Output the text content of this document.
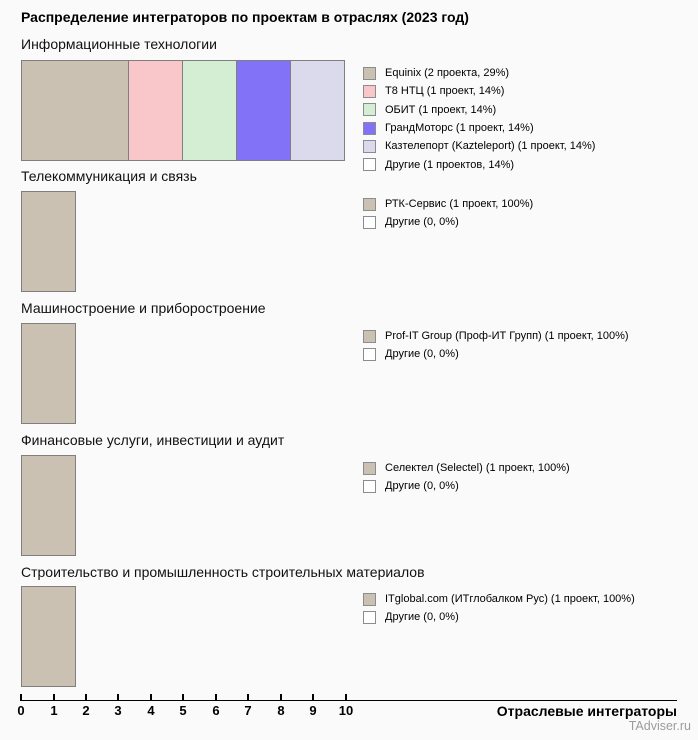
Распределение интеграторов по проектам в отраслях (2023 год)
Информационные технологии
Equinix (2 проекта, 29%)
Т8 НТЦ (1 проект, 14%)
ОБИТ (1 проект, 14%)
ГрандМоторс (1 проект, 14%)
Казтелепорт (Kazteleport) (1 проект, 14%)
Другие (1 проектов, 14%)
Телекоммуникация и связь
РТК-Сервис (1 проект, 100%)
Другие (0, 0%)
Машиностроение и приборостроение
Prof-IT Group (Проф-ИТ Групп) (1 проект, 100%)
Другие (0, 0%)
Финансовые услуги, инвестиции и аудит
Селектел (Selectel) (1 проект, 100%)
Другие (0, 0%)
Строительство и промышленность строительных материалов
ITglobal.com (ИТглобалком Рус) (1 проект, 100%)
Другие (0, 0%)
0 1 2 3 4 5 6 7 8 9 10	Отраслевые интеграторы
TAdviser.ru
